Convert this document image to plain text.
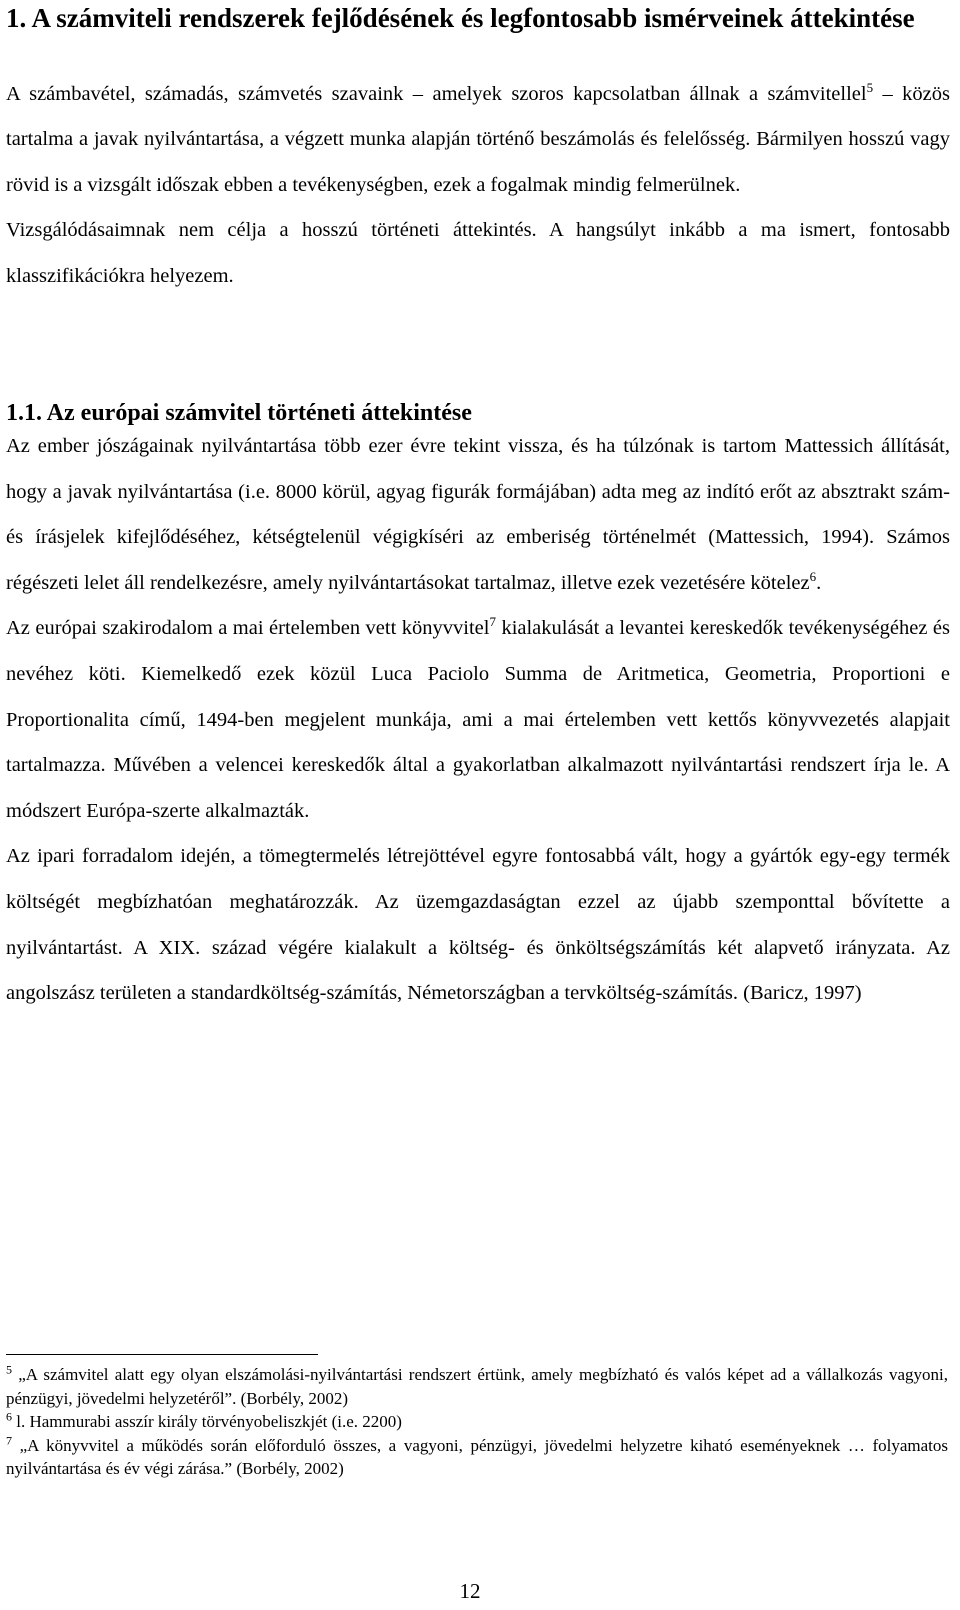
1. A számviteli rendszerek fejlődésének és legfontosabb ismérveinek áttekintése

A számbavétel, számadás, számvetés szavaink – amelyek szoros kapcsolatban állnak a számvitellel$^5$ – közös tartalma a javak nyilvántartása, a végzett munka alapján történő beszámolás és felelősség. Bármilyen hosszú vagy rövid is a vizsgált időszak ebben a tevékenységben, ezek a fogalmak mindig felmerülnek.

Vizsgálódásaimnak nem célja a hosszú történeti áttekintés. A hangsúlyt inkább a ma ismert, fontosabb klasszifikációkra helyezem.

1.1. Az európai számvitel történeti áttekintése

Az ember jószágainak nyilvántartása több ezer évre tekint vissza, és ha túlzónak is tartom Mattessich állítását, hogy a javak nyilvántartása (i.e. 8000 körül, agyag figurák formájában) adta meg az indító erőt az absztrakt szám- és írásjelek kifejlődéséhez, kétségtelenül végigkíséri az emberiség történelmét (Mattessich, 1994). Számos régészeti lelet áll rendelkezésre, amely nyilvántartásokat tartalmaz, illetve ezek vezetésére kötelez$^6$.

Az európai szakirodalom a mai értelemben vett könyvvitel$^7$ kialakulását a levantei kereskedők tevékenységéhez és nevéhez köti. Kiemelkedő ezek közül Luca Paciolo Summa de Aritmetica, Geometria, Proportioni e Proportionalita című, 1494-ben megjelent munkája, ami a mai értelemben vett kettős könyvvezetés alapjait tartalmazza. Művében a velencei kereskedők által a gyakorlatban alkalmazott nyilvántartási rendszert írja le. A módszert Európa-szerte alkalmazták.

Az ipari forradalom idején, a tömegtermelés létrejöttével egyre fontosabbá vált, hogy a gyártók egy-egy termék költségét megbízhatóan meghatározzák. Az üzemgazdaságtan ezzel az újabb szemponttal bővítette a nyilvántartást. A XIX. század végére kialakult a költség- és önköltségszámítás két alapvető irányzata. Az angolszász területen a standardköltség-számítás, Németországban a tervköltség-számítás. (Baricz, 1997)

$^5$ „A számvitel alatt egy olyan elszámolási-nyilvántartási rendszert értünk, amely megbízható és valós képet ad a vállalkozás vagyoni, pénzügyi, jövedelmi helyzetéről”. (Borbély, 2002)

$^6$ l. Hammurabi asszír király törvényobeliszkjét (i.e. 2200)

$^7$ „A könyvvitel a működés során előforduló összes, a vagyoni, pénzügyi, jövedelmi helyzetre kiható eseményeknek … folyamatos nyilvántartása és év végi zárása.” (Borbély, 2002)

12
